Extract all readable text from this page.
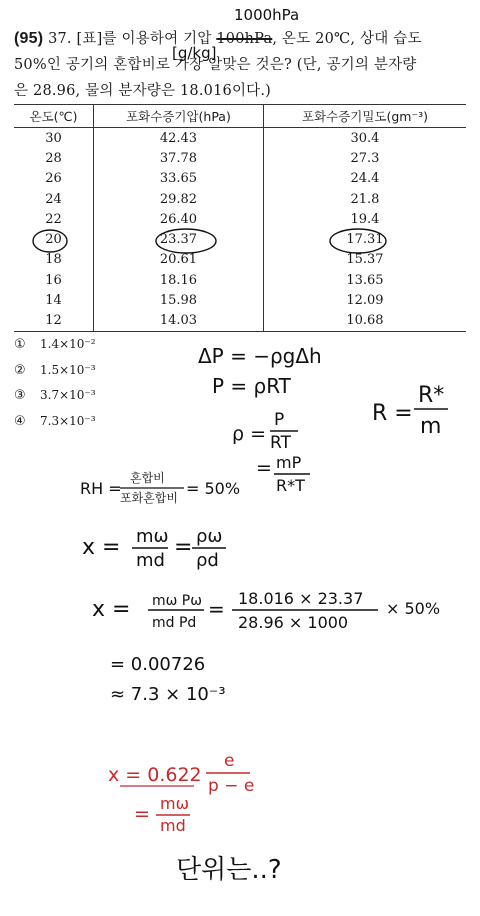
(95) 37. [표]를 이용하여 기압 100hPa, 온도 20℃, 상대 습도
50%인 공기의 혼합비로 가장 알맞은 것은? (단, 공기의 분자량
은 28.96, 물의 분자량은 18.016이다.)
온도(℃)	포화수증기압(hPa)	포화수증기밀도(gm⁻³)
30	42.43	30.4
28	37.78	27.3
26	33.65	24.4
24	29.82	21.8
22	26.40	19.4
20	23.37	17.31
18	20.61	15.37
16	18.16	13.65
14	15.98	12.09
12	14.03	10.68
① 1.4×10⁻²
② 1.5×10⁻³
③ 3.7×10⁻³
④ 7.3×10⁻³
1000hPa
[g/kg]
ΔP = −ρgΔh
P = ρRT
R =
R*
m
ρ =
P
RT
= mP
R*T
RH =
혼합비
포화혼합비 = 50%
x = mω
md
= ρω
ρd
x = mω Pω
md Pd
= 18.016 × 23.37
28.96 × 1000
× 50%
= 0.00726
≈ 7.3 × 10⁻³
x = 0.622
e
p − e
= mω
md
단위는..?
